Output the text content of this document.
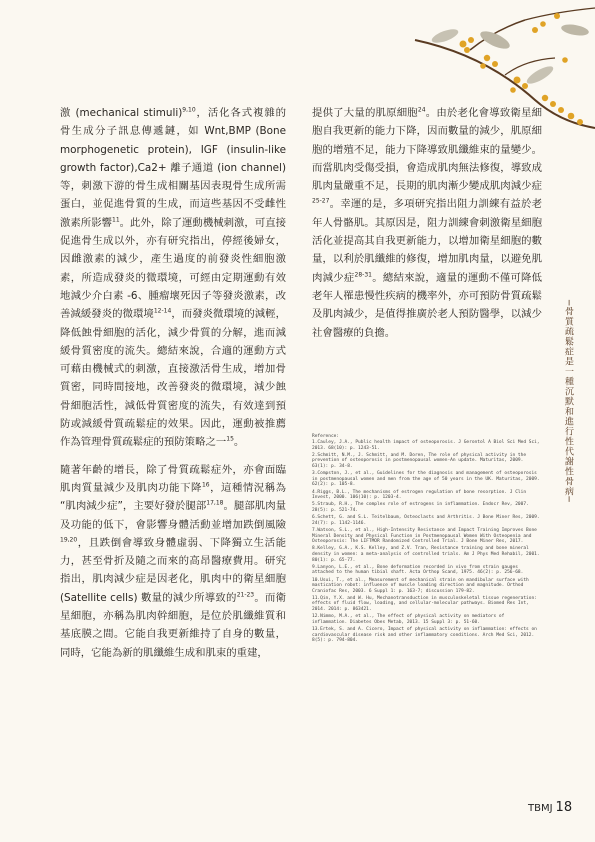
激 (mechanical stimuli)$^{9,10}$，活化各式複雜的骨生成分子訊息傳遞鏈，如 Wnt,BMP (Bone morphogenetic protein), IGF (insulin-like growth factor),Ca2+ 離子通道 (ion channel) 等，刺激下游的骨生成相關基因表現骨生成所需蛋白，並促進骨質的生成，而這些基因不受雌性激素所影響$^{11}$。此外，除了運動機械刺激，可直接促進骨生成以外，亦有研究指出，停經後婦女，因雌激素的減少，產生過度的前發炎性細胞激素，所造成發炎的微環境，可經由定期運動有效地減少介白素 -6、腫瘤壞死因子等發炎激素，改善減緩發炎的微環境$^{12-14}$，而發炎微環境的減輕，降低蝕骨細胞的活化，減少骨質的分解，進而減緩骨質密度的流失。總結來說，合適的運動方式可藉由機械式的刺激，直接激活骨生成，增加骨質密，同時間接地，改善發炎的微環境，減少蝕骨細胞活性，減低骨質密度的流失，有效達到預防或減緩骨質疏鬆症的效果。因此，運動被推薦作為管理骨質疏鬆症的預防策略之一$^{15}$。

隨著年齡的增長，除了骨質疏鬆症外，亦會面臨肌肉質量減少及肌肉功能下降$^{16}$，這種情況稱為 “肌肉減少症”，主要好發於腿部$^{17,18}$。腿部肌肉量及功能的低下，會影響身體活動並增加跌倒風險$^{19,20}$，且跌倒會導致身體虛弱、下降獨立生活能力，甚至骨折及隨之而來的高昂醫療費用。研究指出，肌肉減少症是因老化，肌肉中的衛星細胞 (Satellite cells) 數量的減少所導致的$^{21-23}$。而衛星細胞，亦稱為肌肉幹細胞，是位於肌纖維質和基底膜之間。它能自我更新維持了自身的數量，同時，它能為新的肌纖維生成和肌束的重建，

提供了大量的肌原細胞$^{24}$。由於老化會導致衛星細胞自我更新的能力下降，因而數量的減少，肌原細胞的增殖不足，能力下降導致肌纖維束的量變少。而當肌肉受傷受損，會造成肌肉無法修復，導致成肌肉量嚴重不足，長期的肌肉漸少變成肌肉減少症$^{25-27}$。幸運的是，多項研究指出阻力訓練有益於老年人骨骼肌。其原因是，阻力訓練會刺激衛星細胞活化並提高其自我更新能力，以增加衛星細胞的數量，以利於肌纖維的修復，增加肌肉量，以避免肌肉減少症$^{28-31}$。總結來說，適量的運動不僅可降低老年人罹患慢性疾病的機率外，亦可預防骨質疏鬆及肌肉減少，是值得推廣於老人預防醫學，以減少社會醫療的負擔。

Reference:
1.Cauley, J.A., Public health impact of osteoporosis. J Gerontol A Biol Sci Med Sci, 2013. 68(10): p. 1243-51.
2.Schmitt, N.M., J. Schmitt, and M. Doren, The role of physical activity in the prevention of osteoporosis in postmenopausal women-An update. Maturitas, 2009. 63(1): p. 34-8.
3.Compston, J., et al., Guidelines for the diagnosis and management of osteoporosis in postmenopausal women and men from the age of 50 years in the UK. Maturitas, 2009. 62(2): p. 105-8.
4.Riggs, B.L., The mechanisms of estrogen regulation of bone resorption. J Clin Invest, 2000. 106(10): p. 1203-4.
5.Straub, R.H., The complex role of estrogens in inflammation. Endocr Rev, 2007. 28(5): p. 521-74.
6.Schett, G. and S.L. Teitelbaum, Osteoclasts and Arthritis. J Bone Miner Res, 2009. 24(7): p. 1142-1146.
7.Watson, S.L., et al., High-Intensity Resistance and Impact Training Improves Bone Mineral Density and Physical Function in Postmenopausal Women With Osteopenia and Osteoporosis: The LIFTMOR Randomized Controlled Trial. J Bone Miner Res, 2017.
8.Kelley, G.A., K.S. Kelley, and Z.V. Tran, Resistance training and bone mineral density in women: a meta-analysis of controlled trials. Am J Phys Med Rehabil, 2001. 80(1): p. 65-77.
9.Lanyon, L.E., et al., Bone deformation recorded in vivo from strain gauges attached to the human tibial shaft. Acta Orthop Scand, 1975. 46(2): p. 256-68.
10.Usui, T., et al., Measurement of mechanical strain on mandibular surface with mastication robot: influence of muscle loading direction and magnitude. Orthod Craniofac Res, 2003. 6 Suppl 1: p. 163-7; discussion 179-82.
11.Qin, Y.X. and W. Hu, Mechanotransduction in musculoskeletal tissue regeneration: effects of fluid flow, loading, and cellular-molecular pathways. Biomed Res Int, 2014. 2014: p. 863421.
12.Nimmo, M.A., et al., The effect of physical activity on mediators of inflammation. Diabetes Obes Metab, 2013. 15 Suppl 3: p. 51-60.
13.Ertek, S. and A. Cicero, Impact of physical activity on inflammation: effects on cardiovascular disease risk and other inflammatory conditions. Arch Med Sci, 2012. 8(5): p. 794-804.
─骨質疏鬆症是一種沉默和進行性代謝性骨病─
TBMJ 18
